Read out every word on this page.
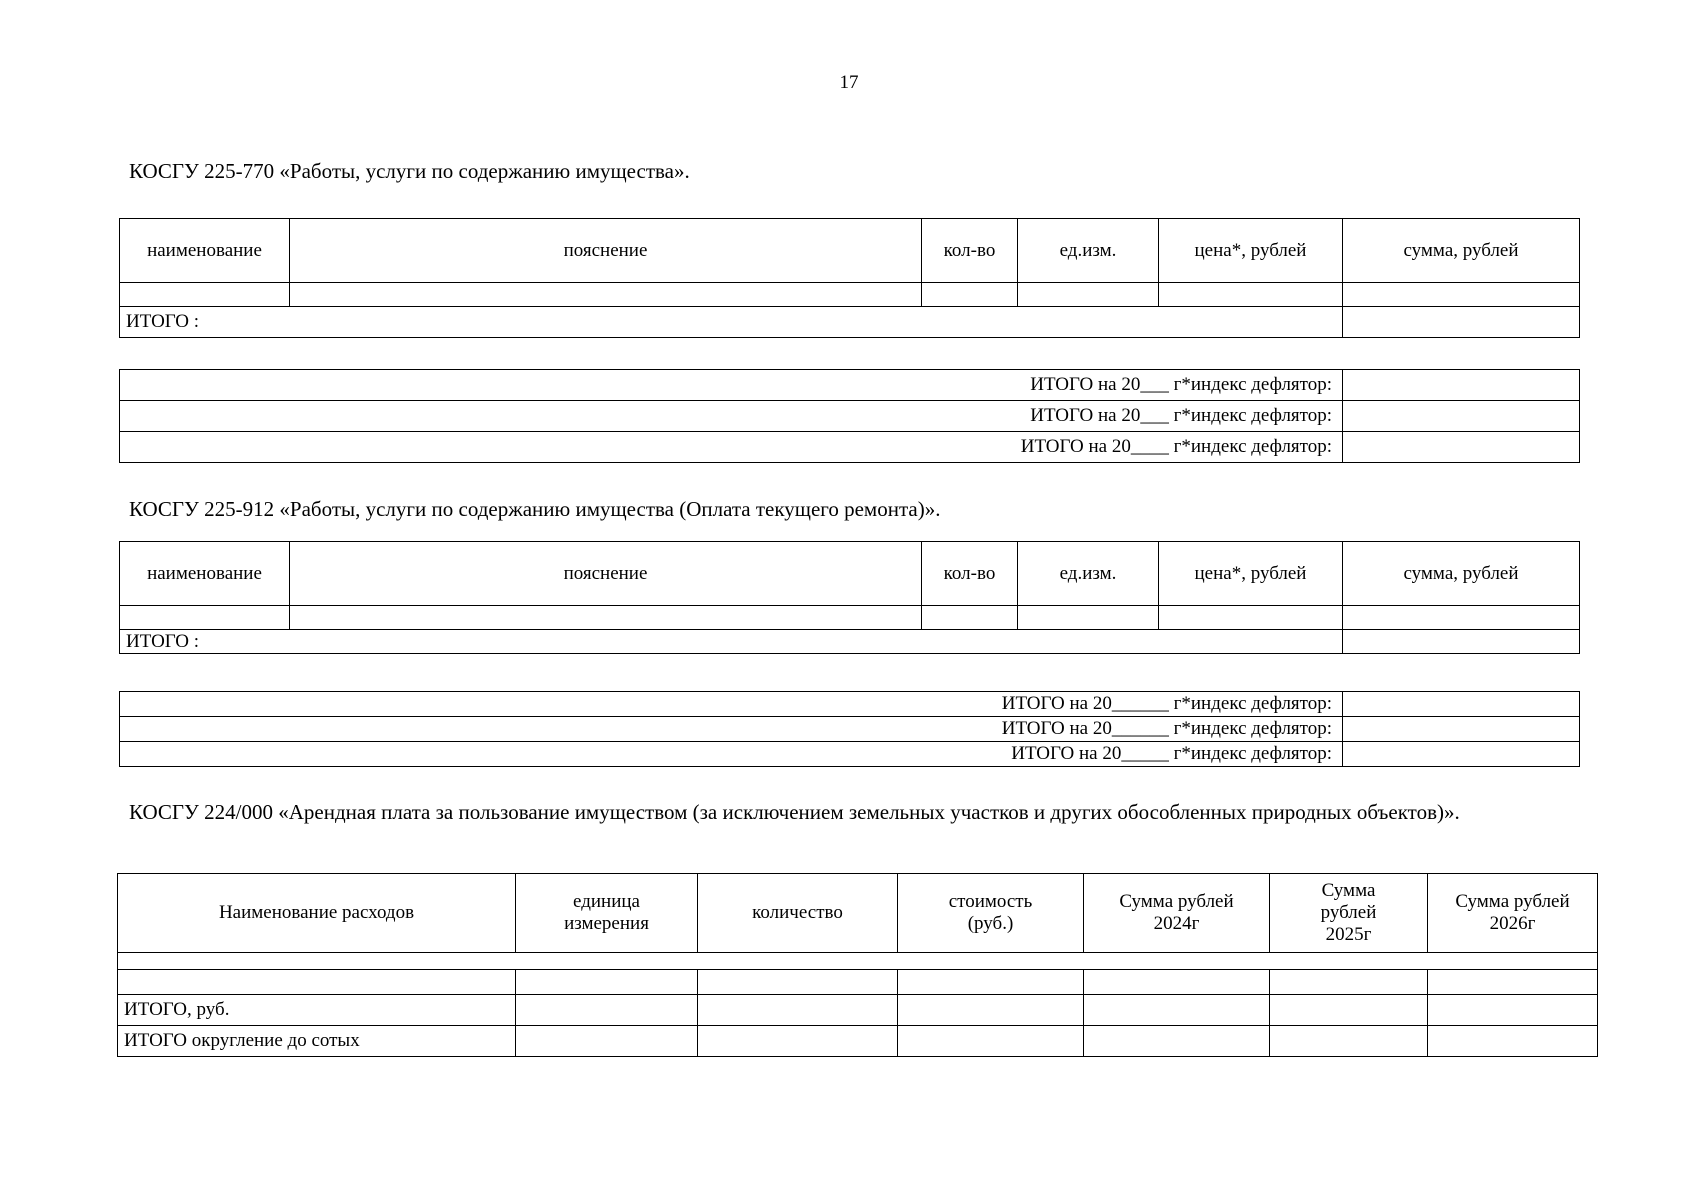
17
КОСГУ 225-770 «Работы, услуги по содержанию имущества».
наименование	пояснение	кол-во	ед.изм.	цена*, рублей	сумма, рублей

ИТОГО :					
ИТОГО на 20___ г*индекс дефлятор:	
ИТОГО на 20___ г*индекс дефлятор:	
ИТОГО на 20____ г*индекс дефлятор:	
КОСГУ 225-912 «Работы, услуги по содержанию имущества (Оплата текущего ремонта)».
наименование	пояснение	кол-во	ед.изм.	цена*, рублей	сумма, рублей

ИТОГО :					
ИТОГО на 20______ г*индекс дефлятор:	
ИТОГО на 20______ г*индекс дефлятор:	
ИТОГО на 20_____ г*индекс дефлятор:	
КОСГУ 224/000 «Арендная плата за пользование имуществом (за исключением земельных участков и других обособленных природных объектов)».
Наименование расходов	единица измерения	количество	стоимость (руб.)	Сумма рублей 2024г	Сумма рублей 2025г	Сумма рублей 2026г

ИТОГО, руб.						
ИТОГО округление до сотых						
